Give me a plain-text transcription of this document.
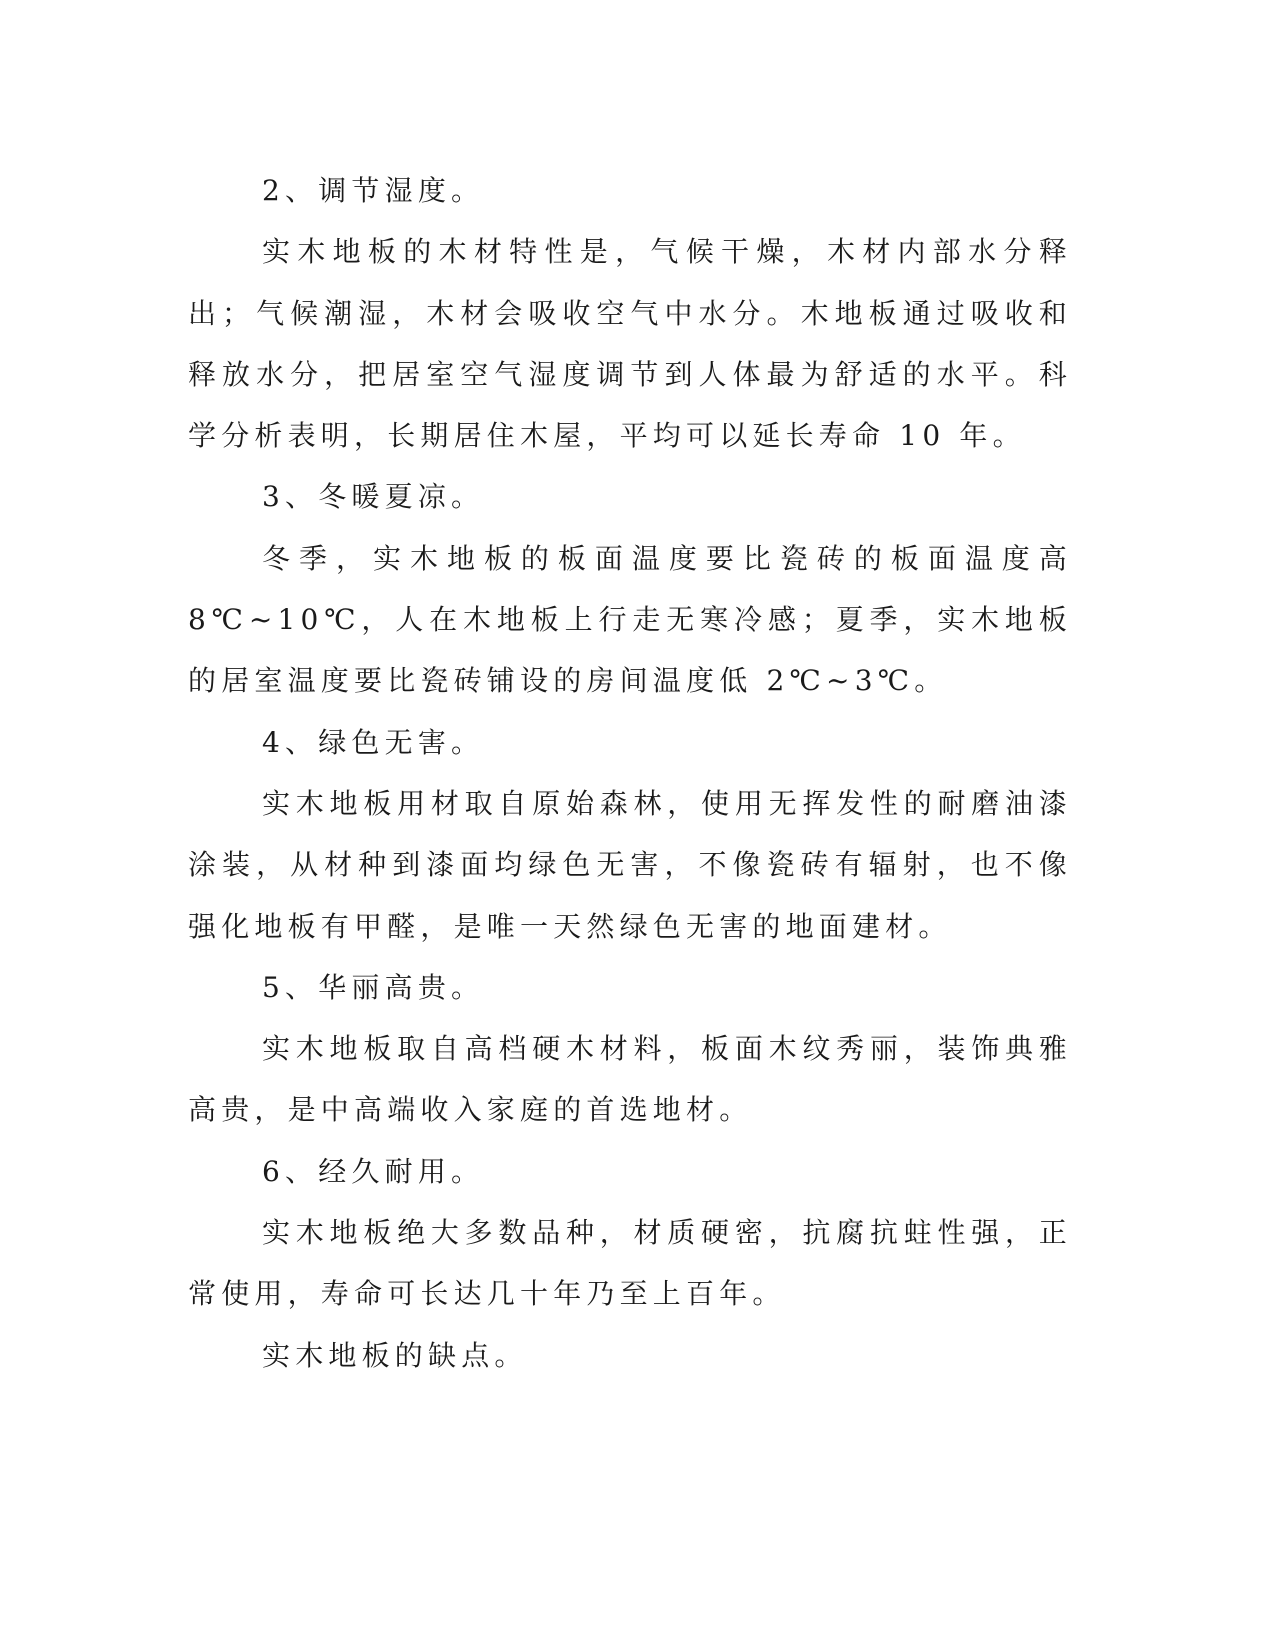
2、调节湿度。

实木地板的木材特性是，气候干燥，木材内部水分释出；气候潮湿，木材会吸收空气中水分。木地板通过吸收和释放水分，把居室空气湿度调节到人体最为舒适的水平。科学分析表明，长期居住木屋，平均可以延长寿命 10 年。

3、冬暖夏凉。

冬季，实木地板的板面温度要比瓷砖的板面温度高 8℃~10℃，人在木地板上行走无寒冷感；夏季，实木地板的居室温度要比瓷砖铺设的房间温度低 2℃~3℃。

4、绿色无害。

实木地板用材取自原始森林，使用无挥发性的耐磨油漆涂装，从材种到漆面均绿色无害，不像瓷砖有辐射，也不像强化地板有甲醛，是唯一天然绿色无害的地面建材。

5、华丽高贵。

实木地板取自高档硬木材料，板面木纹秀丽，装饰典雅高贵，是中高端收入家庭的首选地材。

6、经久耐用。

实木地板绝大多数品种，材质硬密，抗腐抗蛀性强，正常使用，寿命可长达几十年乃至上百年。

实木地板的缺点。
